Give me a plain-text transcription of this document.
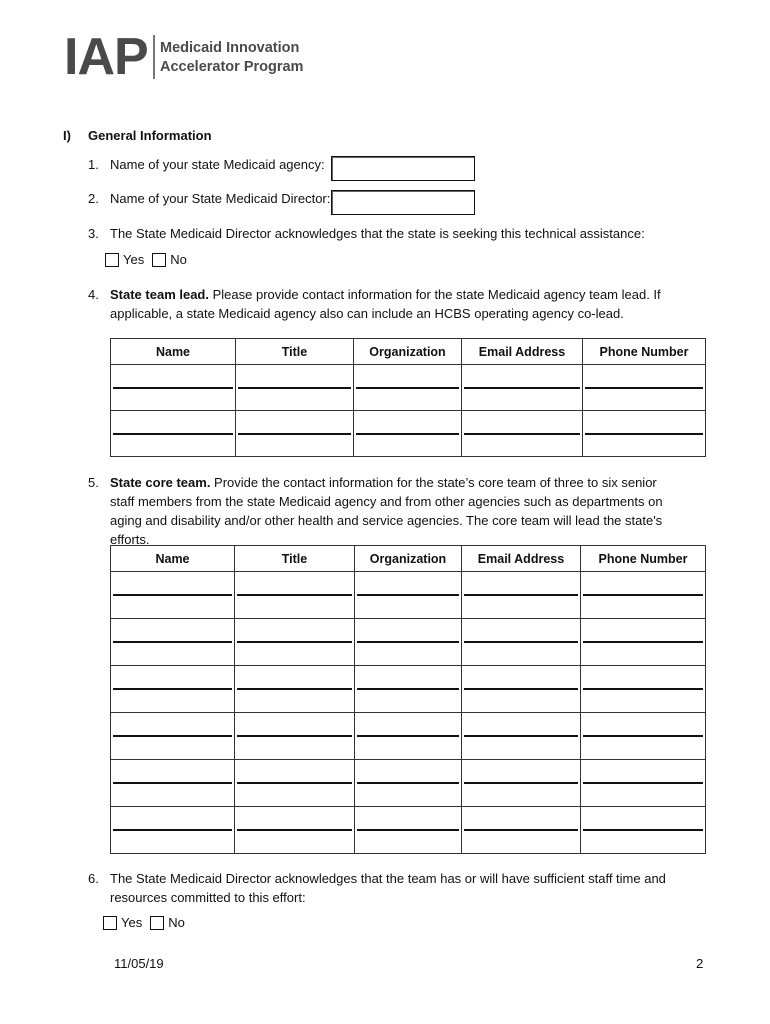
IAP Medicaid Innovation
Accelerator Program
I) General Information
1. Name of your state Medicaid agency:
2. Name of your State Medicaid Director:
3. The State Medicaid Director acknowledges that the state is seeking this technical assistance:
Yes No
4. State team lead. Please provide contact information for the state Medicaid agency team lead. If applicable, a state Medicaid agency also can include an HCBS operating agency co-lead.
Name	Title	Organization	Email Address	Phone Number

5. State core team. Provide the contact information for the state’s core team of three to six senior staff members from the state Medicaid agency and from other agencies such as departments on aging and disability and/or other health and service agencies. The core team will lead the state's efforts.
Name	Title	Organization	Email Address	Phone Number

6. The State Medicaid Director acknowledges that the team has or will have sufficient staff time and resources committed to this effort:
Yes No
11/05/19	2
